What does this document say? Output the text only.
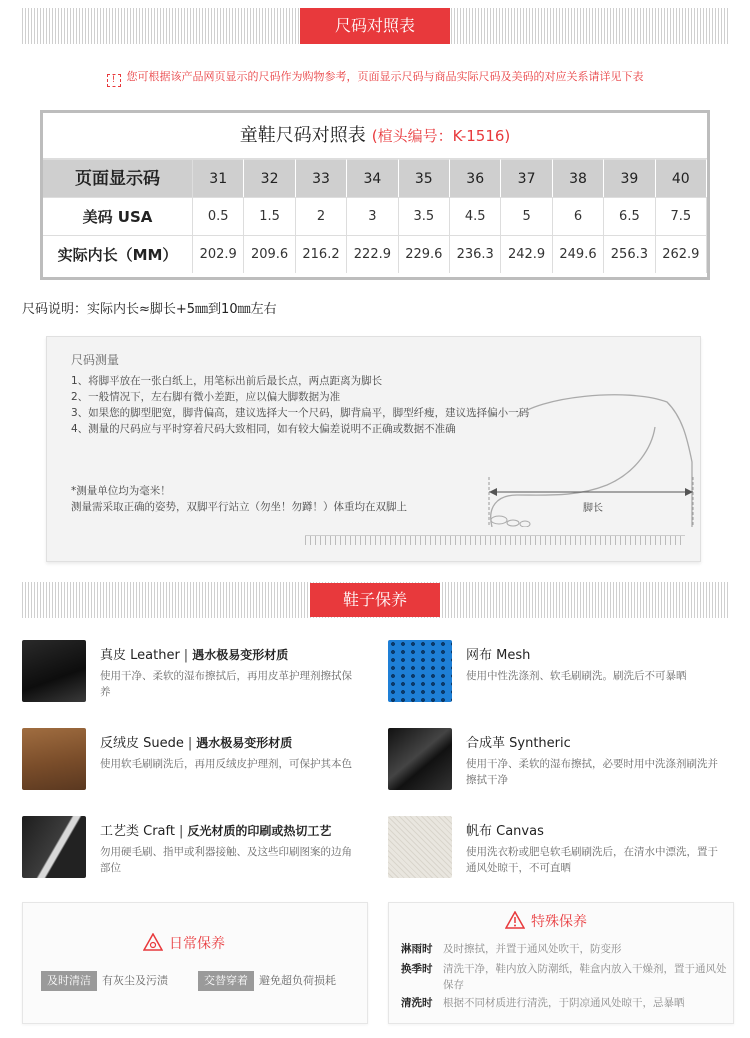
尺码对照表
! 您可根据该产品网页显示的尺码作为购物参考，页面显示尺码与商品实际尺码及美码的对应关系请详见下表
童鞋尺码对照表 (楦头编号：K-1516)
页面显示码	31	32	33	34	35	36	37	38	39	40
美码 USA	0.5	1.5	2	3	3.5	4.5	5	6	6.5	7.5
实际内长（MM）	202.9	209.6	216.2	222.9	229.6	236.3	242.9	249.6	256.3	262.9
尺码说明：实际内长≈脚长+5㎜到10㎜左右
尺码测量
1、将脚平放在一张白纸上，用笔标出前后最长点，两点距离为脚长
2、一般情况下，左右脚有微小差距，应以偏大脚数据为准
3、如果您的脚型肥宽，脚背偏高，建议选择大一个尺码，脚背扁平，脚型纤瘦，建议选择偏小一码
4、测量的尺码应与平时穿着尺码大致相同，如有较大偏差说明不正确或数据不准确
*测量单位均为毫米！
测量需采取正确的姿势，双脚平行站立（勿坐！勿蹲！）体重均在双脚上	脚长
鞋子保养
真皮 Leather | 遇水极易变形材质
使用干净、柔软的湿布擦拭后，再用皮革护理剂擦拭保养
网布 Mesh
使用中性洗涤剂、软毛刷刷洗。刷洗后不可暴晒
反绒皮 Suede | 遇水极易变形材质
使用软毛刷刷洗后，再用反绒皮护理剂，可保护其本色
合成革 Syntheric
使用干净、柔软的湿布擦拭，必要时用中洗涤剂刷洗并擦拭干净
工艺类 Craft | 反光材质的印刷或热切工艺
勿用硬毛刷、指甲或利器接触、及这些印刷图案的边角部位
帆布 Canvas
使用洗衣粉或肥皂软毛刷刷洗后，在清水中漂洗，置于通风处晾干，不可直晒
日常保养
及时清洁 有灰尘及污渍	交替穿着 避免超负荷损耗
特殊保养
淋雨时 及时擦拭，并置于通风处吹干，防变形
换季时 清洗干净，鞋内放入防潮纸，鞋盒内放入干燥剂，置于通风处保存
清洗时 根据不同材质进行清洗，于阴凉通风处晾干，忌暴晒
